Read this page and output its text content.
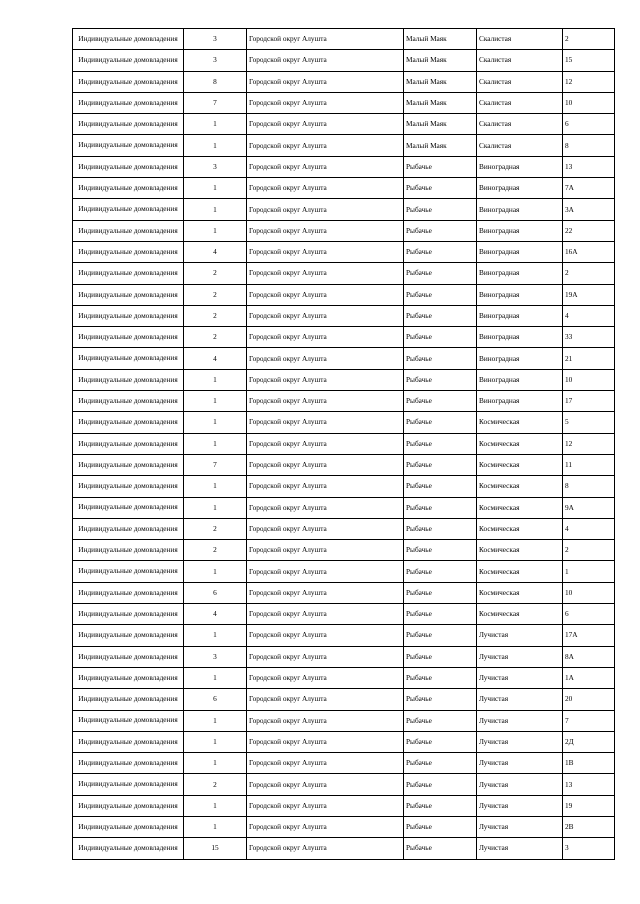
Индивидуальные домовладения	3	Городской округ Алушта	Малый Маяк	Скалистая	2
Индивидуальные домовладения	3	Городской округ Алушта	Малый Маяк	Скалистая	15
Индивидуальные домовладения	8	Городской округ Алушта	Малый Маяк	Скалистая	12
Индивидуальные домовладения	7	Городской округ Алушта	Малый Маяк	Скалистая	10
Индивидуальные домовладения	1	Городской округ Алушта	Малый Маяк	Скалистая	6
Индивидуальные домовладения	1	Городской округ Алушта	Малый Маяк	Скалистая	8
Индивидуальные домовладения	3	Городской округ Алушта	Рыбачье	Виноградная	13
Индивидуальные домовладения	1	Городской округ Алушта	Рыбачье	Виноградная	7А
Индивидуальные домовладения	1	Городской округ Алушта	Рыбачье	Виноградная	3А
Индивидуальные домовладения	1	Городской округ Алушта	Рыбачье	Виноградная	22
Индивидуальные домовладения	4	Городской округ Алушта	Рыбачье	Виноградная	16А
Индивидуальные домовладения	2	Городской округ Алушта	Рыбачье	Виноградная	2
Индивидуальные домовладения	2	Городской округ Алушта	Рыбачье	Виноградная	19А
Индивидуальные домовладения	2	Городской округ Алушта	Рыбачье	Виноградная	4
Индивидуальные домовладения	2	Городской округ Алушта	Рыбачье	Виноградная	33
Индивидуальные домовладения	4	Городской округ Алушта	Рыбачье	Виноградная	21
Индивидуальные домовладения	1	Городской округ Алушта	Рыбачье	Виноградная	10
Индивидуальные домовладения	1	Городской округ Алушта	Рыбачье	Виноградная	17
Индивидуальные домовладения	1	Городской округ Алушта	Рыбачье	Космическая	5
Индивидуальные домовладения	1	Городской округ Алушта	Рыбачье	Космическая	12
Индивидуальные домовладения	7	Городской округ Алушта	Рыбачье	Космическая	11
Индивидуальные домовладения	1	Городской округ Алушта	Рыбачье	Космическая	8
Индивидуальные домовладения	1	Городской округ Алушта	Рыбачье	Космическая	9А
Индивидуальные домовладения	2	Городской округ Алушта	Рыбачье	Космическая	4
Индивидуальные домовладения	2	Городской округ Алушта	Рыбачье	Космическая	2
Индивидуальные домовладения	1	Городской округ Алушта	Рыбачье	Космическая	1
Индивидуальные домовладения	6	Городской округ Алушта	Рыбачье	Космическая	10
Индивидуальные домовладения	4	Городской округ Алушта	Рыбачье	Космическая	6
Индивидуальные домовладения	1	Городской округ Алушта	Рыбачье	Лучистая	17А
Индивидуальные домовладения	3	Городской округ Алушта	Рыбачье	Лучистая	8А
Индивидуальные домовладения	1	Городской округ Алушта	Рыбачье	Лучистая	1А
Индивидуальные домовладения	6	Городской округ Алушта	Рыбачье	Лучистая	20
Индивидуальные домовладения	1	Городской округ Алушта	Рыбачье	Лучистая	7
Индивидуальные домовладения	1	Городской округ Алушта	Рыбачье	Лучистая	2Д
Индивидуальные домовладения	1	Городской округ Алушта	Рыбачье	Лучистая	1В
Индивидуальные домовладения	2	Городской округ Алушта	Рыбачье	Лучистая	13
Индивидуальные домовладения	1	Городской округ Алушта	Рыбачье	Лучистая	19
Индивидуальные домовладения	1	Городской округ Алушта	Рыбачье	Лучистая	2В
Индивидуальные домовладения	15	Городской округ Алушта	Рыбачье	Лучистая	3
